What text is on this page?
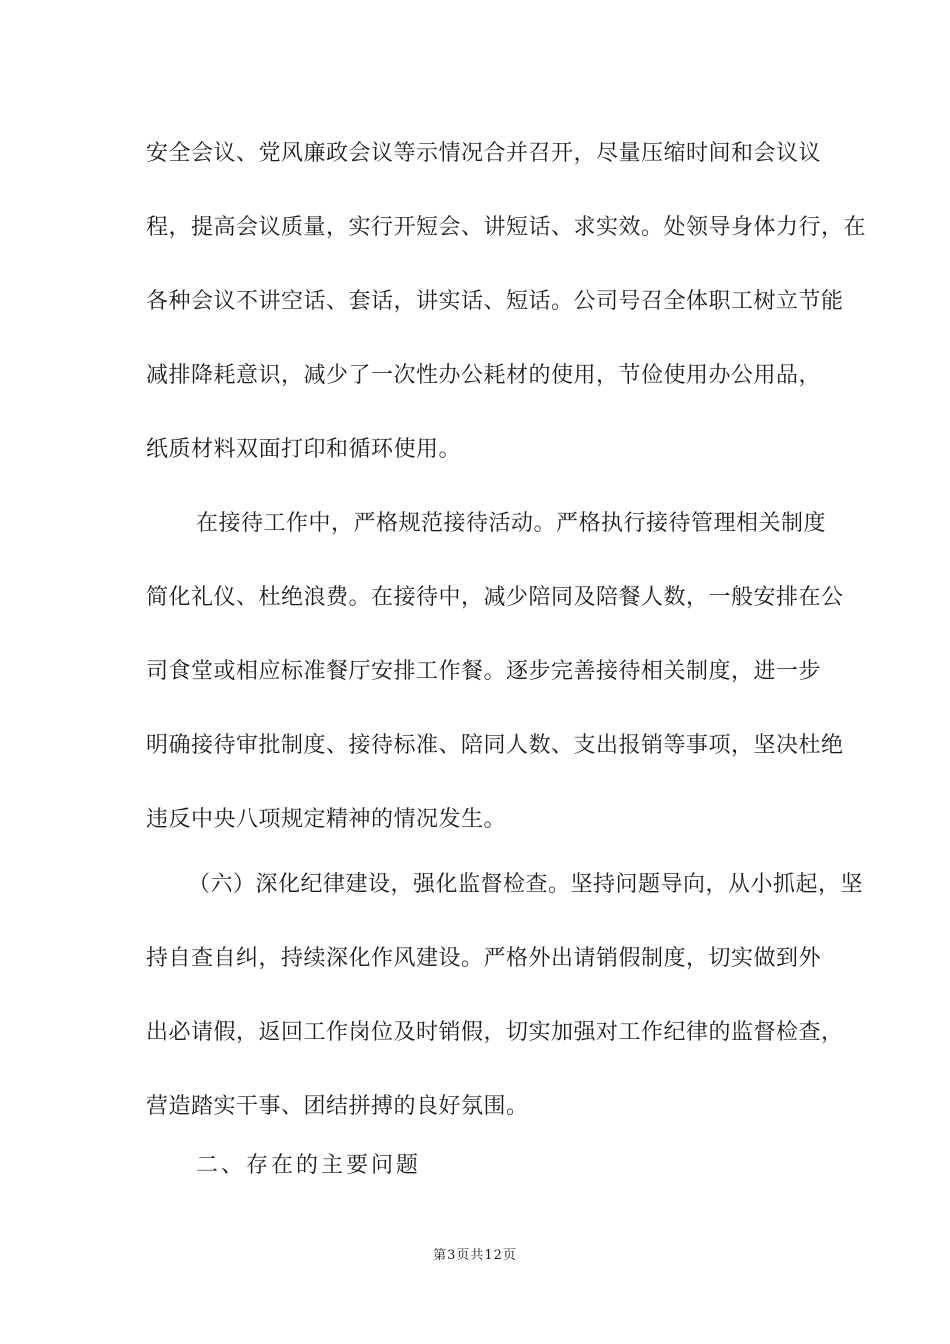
安全会议、党风廉政会议等示情况合并召开，尽量压缩时间和会议议
程，提高会议质量，实行开短会、讲短话、求实效。处领导身体力行，在
各种会议不讲空话、套话，讲实话、短话。公司号召全体职工树立节能
减排降耗意识，减少了一次性办公耗材的使用，节俭使用办公用品，
纸质材料双面打印和循环使用。
在接待工作中，严格规范接待活动。严格执行接待管理相关制度
简化礼仪、杜绝浪费。在接待中，减少陪同及陪餐人数，一般安排在公
司食堂或相应标准餐厅安排工作餐。逐步完善接待相关制度，进一步
明确接待审批制度、接待标准、陪同人数、支出报销等事项，坚决杜绝
违反中央八项规定精神的情况发生。
（六）深化纪律建设，强化监督检查。坚持问题导向，从小抓起，坚
持自查自纠，持续深化作风建设。严格外出请销假制度，切实做到外
出必请假，返回工作岗位及时销假，切实加强对工作纪律的监督检查，
营造踏实干事、团结拼搏的良好氛围。
二、存在的主要问题
第3页共12页
